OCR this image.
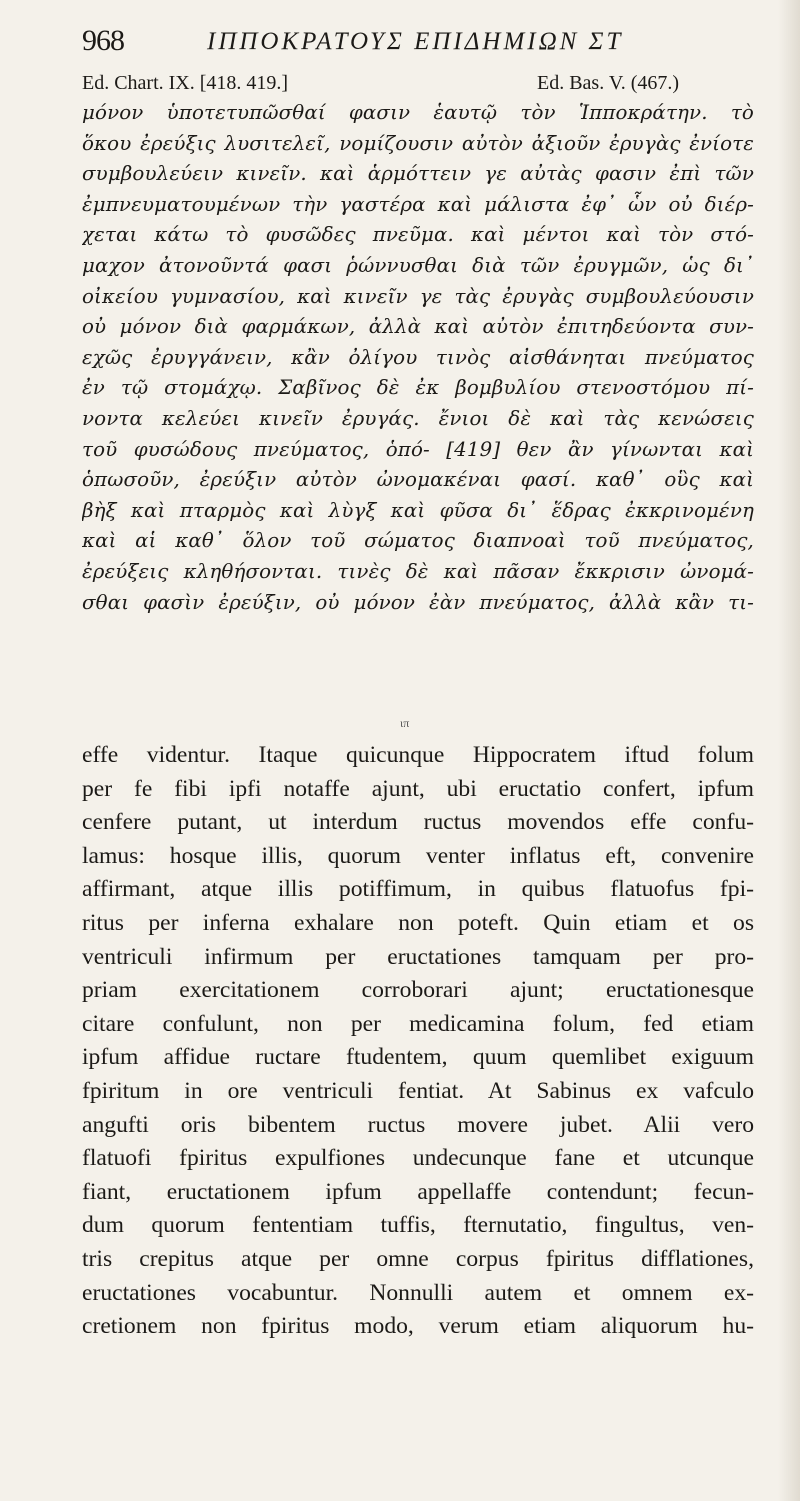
968	ΙΠΠΟΚΡΑΤΟΥΣ ΕΠΙΔΗΜΙΩΝ ΣΤ
Ed. Chart. IX. [418. 419.]	Ed. Bas. V. (467.)
μόνον ὑποτετυπῶσθαί φασιν ἑαυτῷ τὸν Ἱπποκράτην. τὸ
ὅκου ἐρεύξις λυσιτελεῖ, νομίζουσιν αὐτὸν ἀξιοῦν ἐρυγὰς ἐνίοτε
συμβουλεύειν κινεῖν. καὶ ἁρμόττειν γε αὐτὰς φασιν ἐπὶ τῶν
ἐμπνευματουμένων τὴν γαστέρα καὶ μάλιστα ἐφ᾽ ὧν οὐ διέρ-
χεται κάτω τὸ φυσῶδες πνεῦμα. καὶ μέντοι καὶ τὸν στό-
μαχον ἀτονοῦντά φασι ῥώννυσθαι διὰ τῶν ἐρυγμῶν, ὡς δι᾽
οἰκείου γυμνασίου, καὶ κινεῖν γε τὰς ἐρυγὰς συμβουλεύουσιν
οὐ μόνον διὰ φαρμάκων, ἀλλὰ καὶ αὐτὸν ἐπιτηδεύοντα συν-
εχῶς ἐρυγγάνειν, κἂν ὀλίγου τινὸς αἰσθάνηται πνεύματος
ἐν τῷ στομάχῳ. Σαβῖνος δὲ ἐκ βομβυλίου στενοστόμου πί-
νοντα κελεύει κινεῖν ἐρυγάς. ἔνιοι δὲ καὶ τὰς κενώσεις
τοῦ φυσώδους πνεύματος, ὁπό- [419] θεν ἂν γίνωνται καὶ
ὁπωσοῦν, ἐρεύξιν αὐτὸν ὠνομακέναι φασί. καθ᾽ οὓς καὶ
βὴξ καὶ πταρμὸς καὶ λὺγξ καὶ φῦσα δι᾽ ἕδρας ἐκκρινομένη
καὶ αἱ καθ᾽ ὅλον τοῦ σώματος διαπνοαὶ τοῦ πνεύματος,
ἐρεύξεις κληθήσονται. τινὲς δὲ καὶ πᾶσαν ἔκκρισιν ὠνομά-
σθαι φασὶν ἐρεύξιν, οὐ μόνον ἐὰν πνεύματος, ἀλλὰ κἂν τι-
ιπ
effe videntur. Itaque quicunque Hippocratem iftud folum
per fe fibi ipfi notaffe ajunt, ubi eructatio confert, ipfum
cenfere putant, ut interdum ructus movendos effe confu-
lamus: hosque illis, quorum venter inflatus eft, convenire
affirmant, atque illis potiffimum, in quibus flatuofus fpi-
ritus per inferna exhalare non poteft. Quin etiam et os
ventriculi infirmum per eructationes tamquam per pro-
priam exercitationem corroborari ajunt; eructationesque
citare confulunt, non per medicamina folum, fed etiam
ipfum affidue ructare ftudentem, quum quemlibet exiguum
fpiritum in ore ventriculi fentiat. At Sabinus ex vafculo
angufti oris bibentem ructus movere jubet. Alii vero
flatuofi fpiritus expulfiones undecunque fane et utcunque
fiant, eructationem ipfum appellaffe contendunt; fecun-
dum quorum fententiam tuffis, fternutatio, fingultus, ven-
tris crepitus atque per omne corpus fpiritus difflationes,
eructationes vocabuntur. Nonnulli autem et omnem ex-
cretionem non fpiritus modo, verum etiam aliquorum hu-
